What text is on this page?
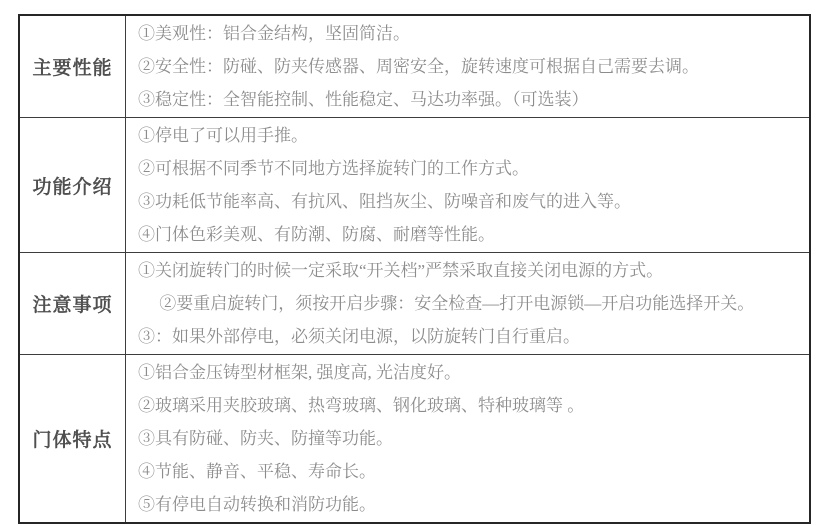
主要性能
①美观性：铝合金结构，坚固简洁。
②安全性：防碰、防夹传感器、周密安全，旋转速度可根据自己需要去调。
③稳定性：全智能控制、性能稳定、马达功率强。（可选装）
功能介绍
①停电了可以用手推。
②可根据不同季节不同地方选择旋转门的工作方式。
③功耗低节能率高、有抗风、阻挡灰尘、防噪音和废气的进入等。
④门体色彩美观、有防潮、防腐、耐磨等性能。
注意事项
①关闭旋转门的时候一定采取“开关档”严禁采取直接关闭电源的方式。
　 ②要重启旋转门，须按开启步骤：安全检查—打开电源锁—开启功能选择开关。
③：如果外部停电，必须关闭电源，以防旋转门自行重启。
门体特点
①铝合金压铸型材框架, 强度高, 光洁度好。
②玻璃采用夹胶玻璃、热弯玻璃、钢化玻璃、特种玻璃等 。
③具有防碰、防夹、防撞等功能。
④节能、静音、平稳、寿命长。
⑤有停电自动转换和消防功能。
